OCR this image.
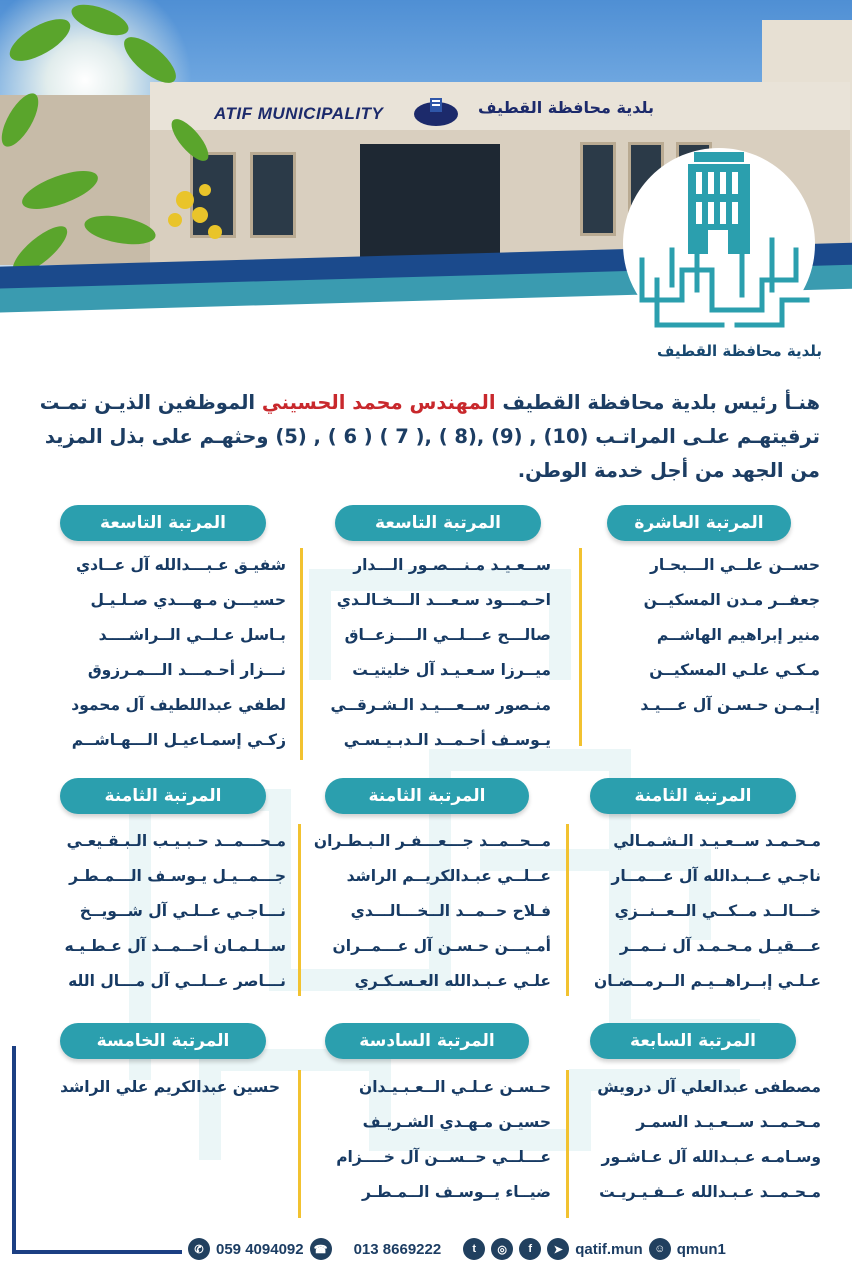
ATIF MUNICIPALITY	بلدية محافظة القطيف
بلدية محافظة القطيف
هنـأ رئيس بلدية محافظة القطيف المهندس محمد الحسيني الموظفين الذيـن تمـت ترقيتهـم علـى المراتـب (10) , (9) ,(8 ) ,( 7 ) ( 6 ) , (5) وحثهـم على بذل المزيد من الجهد من أجل خدمة الوطن.
المرتبة العاشرة
حســن علــي الـــبحـار
جعفــر مـدن المسكيــن
منير إبراهيم الهاشــم
مـكـي علـي المسكيــن
إيـمـن حـسـن آل عـــيـد
المرتبة التاسعة
ســعـيـد مـنـــصـور الـــدار
احـمـــود سـعـــد الـــخـالـدي
صالـــح عـــلــي الــــزعــاق
ميــرزا سـعـيـد آل خليتيـت
منـصور ســعـــيـد الـشـرقــي
يـوسـف أحـمــد الـدبـيـسـي
المرتبة التاسعة
شفيـق عـبـــدالله آل عــادي
حسيـــن مـهـــدي صـلـيـل
بـاسل عـلــي الــراشــــد
نـــزار أحـمـــد الـــمـرزوق
لطفي عبداللطيف آل محمود
زكـي إسمـاعيـل الـــهـاشــم
المرتبة الثامنة
مـحـمـد ســعـيـد الـشـمـالي
ناجـي عــبـدالله آل عـــمــار
خـــالــد مــكــي الــعــنــزي
عـــقيـل مـحـمـد آل نــمــر
عـلـي إبــراهــيـم الــرمــضـان
المرتبة الثامنة
مــحــمــد جـــعـــفـر الـبـطـران
عــلــي عبـدالكريــم الراشد
فـلاح حــمــد الــخـــالـــدي
أمـيـــن حـسـن آل عـــمــران
علـي عـبـدالله العـسـكـري
المرتبة الثامنة
مـحـــمــد حـبـيـب الـبـقـيعـي
جـــمــيـل يـوسـف الـــمـطـر
نـــاجـي عــلـي آل شــويــخ
ســلـمـان أحــمــد آل عـطـيـه
نـــاصر عــلــي آل مـــال الله
المرتبة السابعة
مصطفى عبدالعلي آل درويش
مـحـمــد ســعـيـد السمـر
وسـامـه عـبـدالله آل عـاشـور
مـحـمــد عـبـدالله عــفـيـريـت
المرتبة السادسة
حـسـن عـلـي الــعـبـيـدان
حسيـن مـهـدي الشـريـف
عـــلــي حــســن آل خــــزام
ضيــاء يــوسـف الــمـطـر
المرتبة الخامسة
حسين عبدالكريم علي الراشد
✆ 059 4094092 ☎ 013 8669222	t	◎	f	➤ qatif.mun	☺ qmun1
